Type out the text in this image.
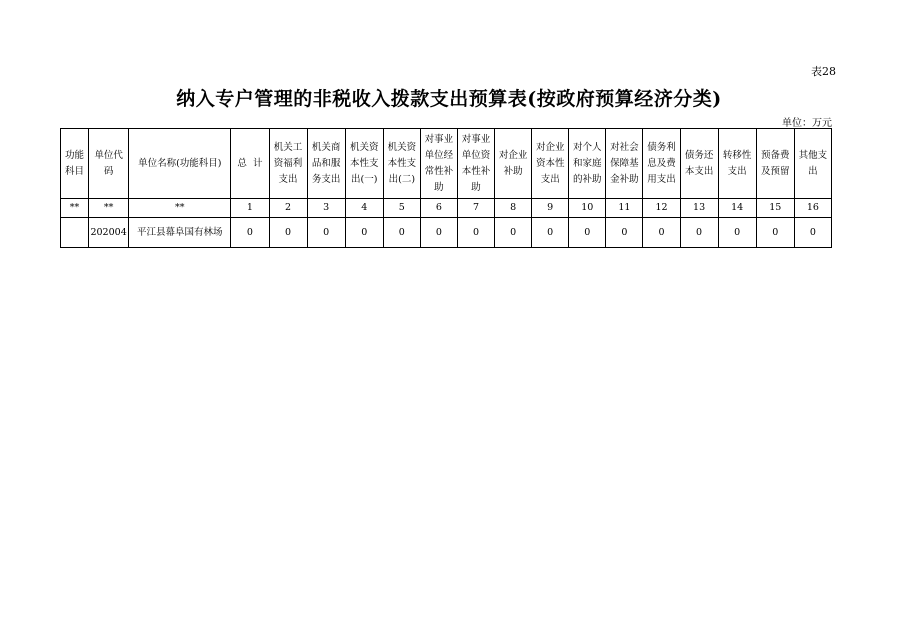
表28
纳入专户管理的非税收入拨款支出预算表(按政府预算经济分类)
单位：万元
功能科目	单位代码	单位名称(功能科目)	总  计	机关工资福利支出	机关商品和服务支出	机关资本性支出(一)	机关资本性支出(二)	对事业单位经常性补助	对事业单位资本性补助	对企业补助	对企业资本性支出	对个人和家庭的补助	对社会保障基金补助	债务利息及费用支出	债务还本支出	转移性支出	预备费及预留	其他支出
**	**	**	1	2	3	4	5	6	7	8	9	10	11	12	13	14	15	16
	202004	平江县幕阜国有林场	0	0	0	0	0	0	0	0	0	0	0	0	0	0	0	0
